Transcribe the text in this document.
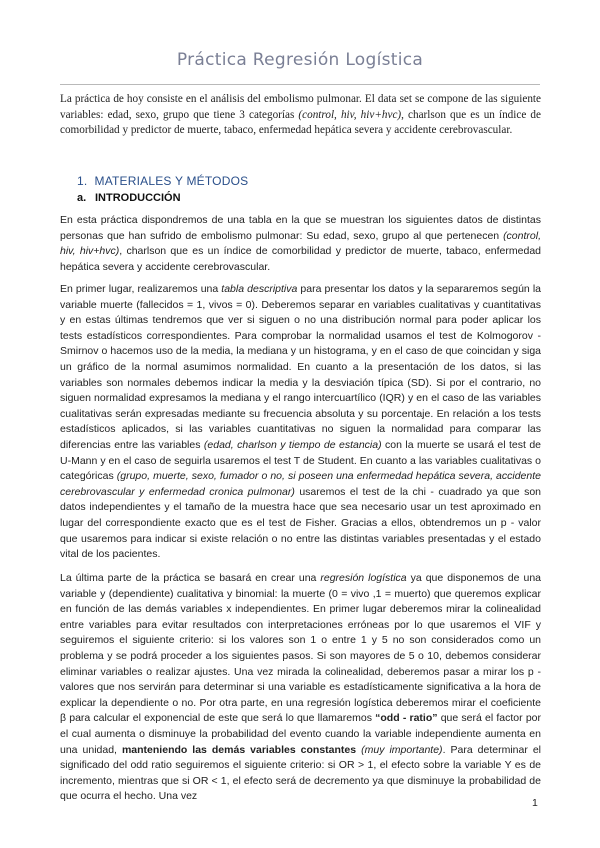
Práctica Regresión Logística
La práctica de hoy consiste en el análisis del embolismo pulmonar. El data set se compone de las siguiente variables: edad, sexo, grupo que tiene 3 categorías (control, hiv, hiv+hvc), charlson que es un índice de comorbilidad y predictor de muerte, tabaco, enfermedad hepática severa y accidente cerebrovascular.
1. MATERIALES Y MÉTODOS
a. INTRODUCCIÓN
En esta práctica dispondremos de una tabla en la que se muestran los siguientes datos de distintas personas que han sufrido de embolismo pulmonar: Su edad, sexo, grupo al que pertenecen (control, hiv, hiv+hvc), charlson que es un índice de comorbilidad y predictor de muerte, tabaco, enfermedad hepática severa y accidente cerebrovascular.
En primer lugar, realizaremos una tabla descriptiva para presentar los datos y la separaremos según la variable muerte (fallecidos = 1, vivos = 0). Deberemos separar en variables cualitativas y cuantitativas y en estas últimas tendremos que ver si siguen o no una distribución normal para poder aplicar los tests estadísticos correspondientes. Para comprobar la normalidad usamos el test de Kolmogorov - Smirnov o hacemos uso de la media, la mediana y un histograma, y en el caso de que coincidan y siga un gráfico de la normal asumimos normalidad. En cuanto a la presentación de los datos, si las variables son normales debemos indicar la media y la desviación típica (SD). Si por el contrario, no siguen normalidad expresamos la mediana y el rango intercuartílico (IQR) y en el caso de las variables cualitativas serán expresadas mediante su frecuencia absoluta y su porcentaje. En relación a los tests estadísticos aplicados, si las variables cuantitativas no siguen la normalidad para comparar las diferencias entre las variables (edad, charlson y tiempo de estancia) con la muerte se usará el test de U-Mann y en el caso de seguirla usaremos el test T de Student. En cuanto a las variables cualitativas o categóricas (grupo, muerte, sexo, fumador o no, si poseen una enfermedad hepática severa, accidente cerebrovascular y enfermedad cronica pulmonar) usaremos el test de la chi - cuadrado ya que son datos independientes y el tamaño de la muestra hace que sea necesario usar un test aproximado en lugar del correspondiente exacto que es el test de Fisher. Gracias a ellos, obtendremos un p - valor que usaremos para indicar si existe relación o no entre las distintas variables presentadas y el estado vital de los pacientes.
La última parte de la práctica se basará en crear una regresión logística ya que disponemos de una variable y (dependiente) cualitativa y binomial: la muerte (0 = vivo ,1 = muerto) que queremos explicar en función de las demás variables x independientes. En primer lugar deberemos mirar la colinealidad entre variables para evitar resultados con interpretaciones erróneas por lo que usaremos el VIF y seguiremos el siguiente criterio: si los valores son 1 o entre 1 y 5 no son considerados como un problema y se podrá proceder a los siguientes pasos. Si son mayores de 5 o 10, debemos considerar eliminar variables o realizar ajustes. Una vez mirada la colinealidad, deberemos pasar a mirar los p - valores que nos servirán para determinar si una variable es estadísticamente significativa a la hora de explicar la dependiente o no. Por otra parte, en una regresión logística deberemos mirar el coeficiente β para calcular el exponencial de este que será lo que llamaremos “odd - ratio” que será el factor por el cual aumenta o disminuye la probabilidad del evento cuando la variable independiente aumenta en una unidad, manteniendo las demás variables constantes (muy importante). Para determinar el significado del odd ratio seguiremos el siguiente criterio: si OR > 1, el efecto sobre la variable Y es de incremento, mientras que si OR < 1, el efecto será de decremento ya que disminuye la probabilidad de que ocurra el hecho. Una vez
1
